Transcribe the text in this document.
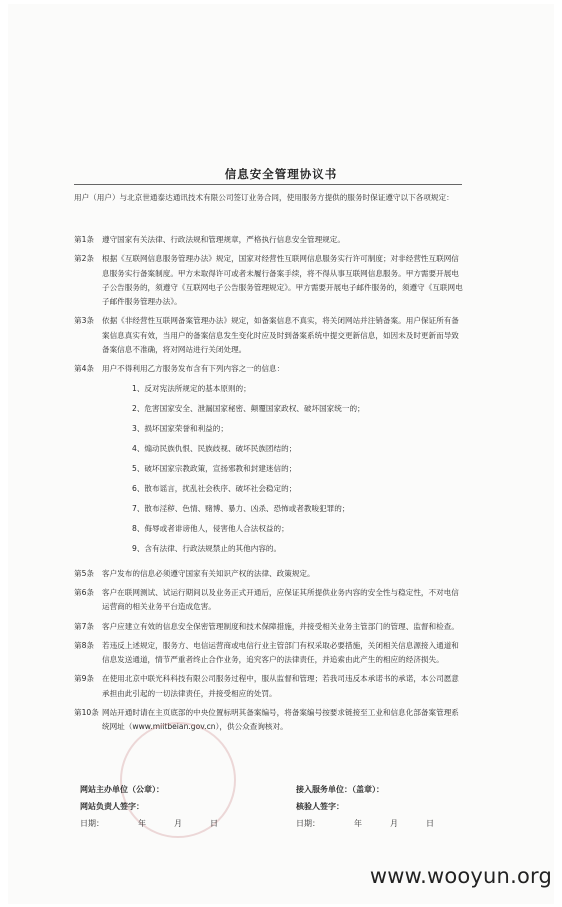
信息安全管理协议书

用户（用户）与北京世通泰达通讯技术有限公司签订业务合同，使用服务方提供的服务时保证遵守以下各项规定：

第1条	遵守国家有关法律、行政法规和管理规章，严格执行信息安全管理规定。
第2条	根据《互联网信息服务管理办法》规定，国家对经营性互联网信息服务实行许可制度；对非经营性互联网信息服务实行备案制度。甲方未取得许可或者未履行备案手续，将不得从事互联网信息服务。甲方需要开展电子公告服务的，须遵守《互联网电子公告服务管理规定》。甲方需要开展电子邮件服务的，须遵守《互联网电子邮件服务管理办法》。
第3条	依据《非经营性互联网备案管理办法》规定，如备案信息不真实，将关闭网站并注销备案。用户保证所有备案信息真实有效，当用户的备案信息发生变化时应及时到备案系统中提交更新信息，如因未及时更新而导致备案信息不准确，将对网站进行关闭处理。
第4条	用户不得利用乙方服务发布含有下列内容之一的信息：
1、反对宪法所规定的基本原则的；
2、危害国家安全、泄漏国家秘密、颠覆国家政权、破坏国家统一的；
3、损坏国家荣誉和利益的；
4、煽动民族仇恨、民族歧视、破坏民族团结的；
5、破坏国家宗教政策，宣扬邪教和封建迷信的；
6、散布谣言，扰乱社会秩序、破坏社会稳定的；
7、散布淫秽、色情、赌博、暴力、凶杀、恐怖或者教唆犯罪的；
8、侮辱或者诽谤他人，侵害他人合法权益的；
9、含有法律、行政法规禁止的其他内容的。
第5条	客户发布的信息必须遵守国家有关知识产权的法律、政策规定。
第6条	客户在联网测试、试运行期间以及业务正式开通后，应保证其所提供业务内容的安全性与稳定性，不对电信运营商的相关业务平台造成危害。
第7条	客户应建立有效的信息安全保密管理制度和技术保障措施，并接受相关业务主管部门的管理、监督和检查。
第8条	若违反上述规定，服务方、电信运营商或电信行业主管部门有权采取必要措施，关闭相关信息源接入通道和信息发送通道，情节严重者终止合作业务，追究客户的法律责任，并追索由此产生的相应的经济损失。
第9条	在使用北京中联光科科技有限公司服务过程中，服从监督和管理；若我司违反本承诺书的承诺，本公司愿意承担由此引起的一切法律责任，并接受相应的处罚。
第10条 网站开通时请在主页底部的中央位置标明其备案编号，将备案编号按要求链接至工业和信息化部备案管理系统网址（www.miitbeian.gov.cn），供公众查询核对。
网站主办单位（公章）：
网站负责人签字：
日期：	年	月	日
接入服务单位：（盖章）：
核验人签字：
日期：	年	月	日
www.wooyun.org
